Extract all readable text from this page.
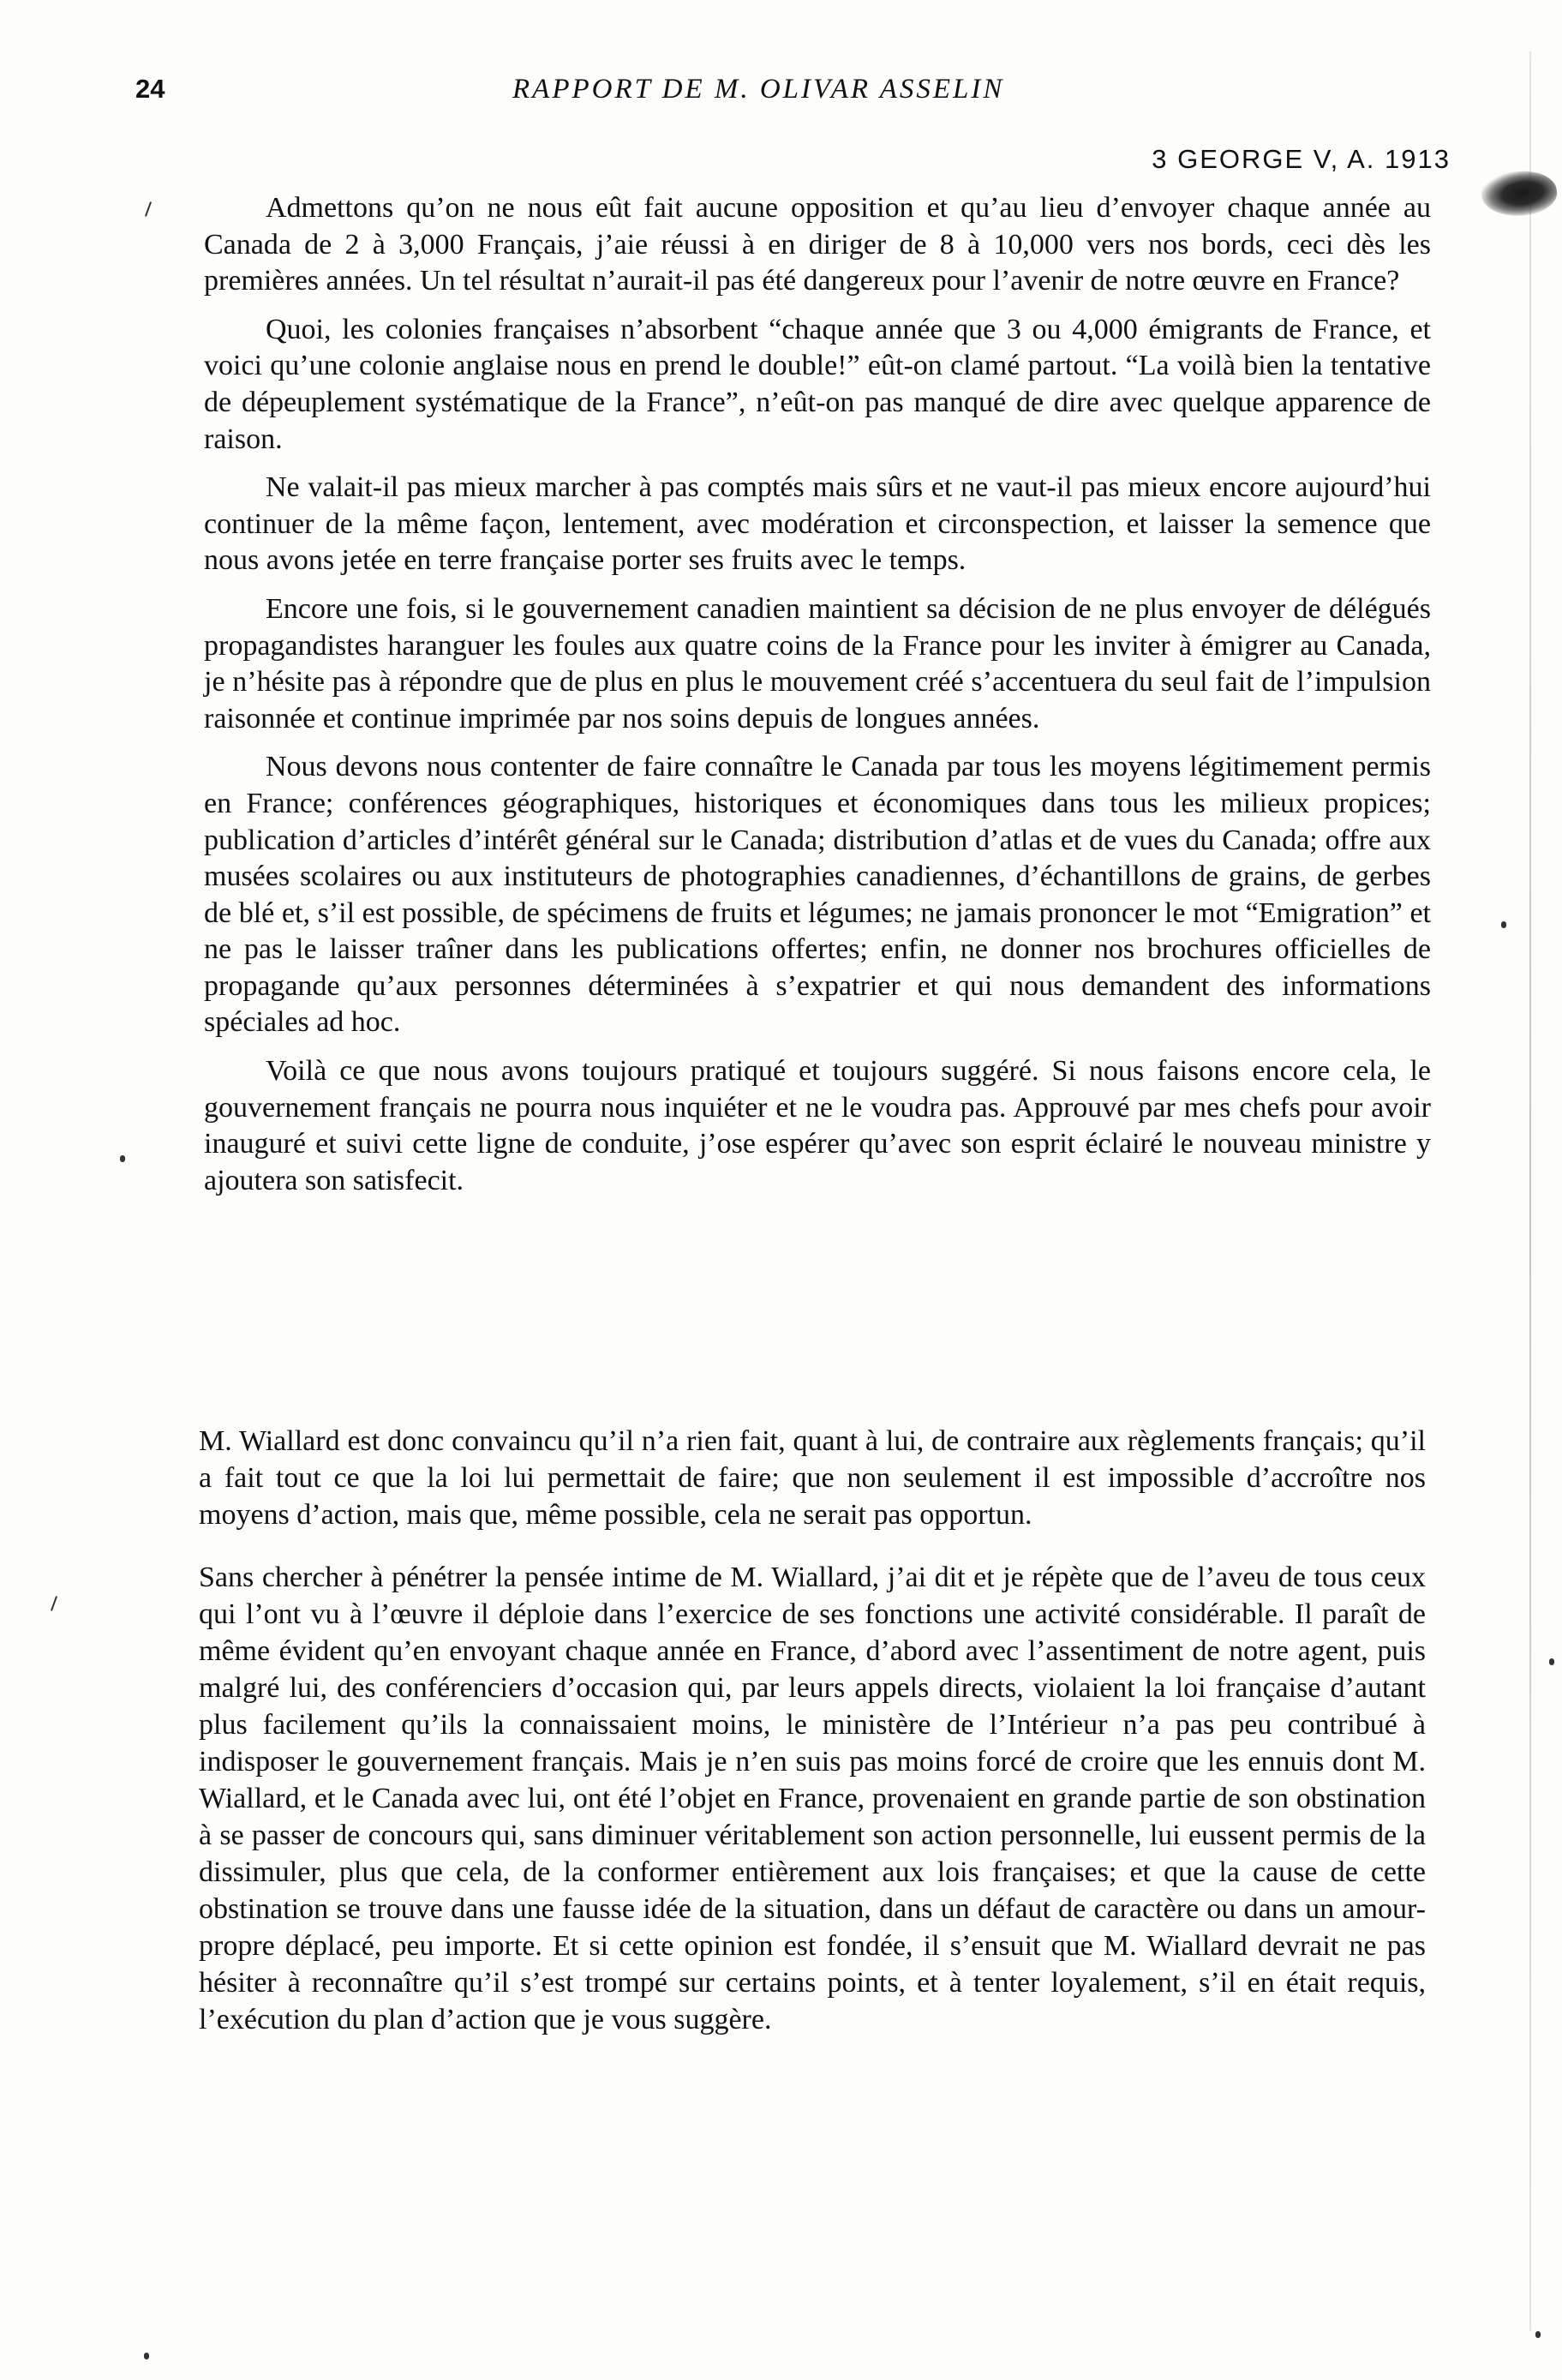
24	RAPPORT DE M. OLIVAR ASSELIN
3 GEORGE V, A. 1913

Admettons qu’on ne nous eût fait aucune opposition et qu’au lieu d’envoyer chaque année au Canada de 2 à 3,000 Français, j’aie réussi à en diriger de 8 à 10,000 vers nos bords, ceci dès les premières années. Un tel résultat n’aurait-il pas été dangereux pour l’avenir de notre œuvre en France?

Quoi, les colonies françaises n’absorbent “chaque année que 3 ou 4,000 émigrants de France, et voici qu’une colonie anglaise nous en prend le double!” eût-on clamé partout. “La voilà bien la tentative de dépeuplement systématique de la France”, n’eût-on pas manqué de dire avec quelque apparence de raison.

Ne valait-il pas mieux marcher à pas comptés mais sûrs et ne vaut-il pas mieux encore aujourd’hui continuer de la même façon, lentement, avec modération et circonspection, et laisser la semence que nous avons jetée en terre française porter ses fruits avec le temps.

Encore une fois, si le gouvernement canadien maintient sa décision de ne plus envoyer de délégués propagandistes haranguer les foules aux quatre coins de la France pour les inviter à émigrer au Canada, je n’hésite pas à répondre que de plus en plus le mouvement créé s’accentuera du seul fait de l’impulsion raisonnée et continue imprimée par nos soins depuis de longues années.

Nous devons nous contenter de faire connaître le Canada par tous les moyens légitimement permis en France; conférences géographiques, historiques et économiques dans tous les milieux propices; publication d’articles d’intérêt général sur le Canada; distribution d’atlas et de vues du Canada; offre aux musées scolaires ou aux instituteurs de photographies canadiennes, d’échantillons de grains, de gerbes de blé et, s’il est possible, de spécimens de fruits et légumes; ne jamais prononcer le mot “Emigration” et ne pas le laisser traîner dans les publications offertes; enfin, ne donner nos brochures officielles de propagande qu’aux personnes déterminées à s’expatrier et qui nous demandent des informations spéciales ad hoc.

Voilà ce que nous avons toujours pratiqué et toujours suggéré. Si nous faisons encore cela, le gouvernement français ne pourra nous inquiéter et ne le voudra pas. Approuvé par mes chefs pour avoir inauguré et suivi cette ligne de conduite, j’ose espérer qu’avec son esprit éclairé le nouveau ministre y ajoutera son satisfecit.

M. Wiallard est donc convaincu qu’il n’a rien fait, quant à lui, de contraire aux règlements français; qu’il a fait tout ce que la loi lui permettait de faire; que non seulement il est impossible d’accroître nos moyens d’action, mais que, même possible, cela ne serait pas opportun.

Sans chercher à pénétrer la pensée intime de M. Wiallard, j’ai dit et je répète que de l’aveu de tous ceux qui l’ont vu à l’œuvre il déploie dans l’exercice de ses fonctions une activité considérable. Il paraît de même évident qu’en envoyant chaque année en France, d’abord avec l’assentiment de notre agent, puis malgré lui, des conférenciers d’occasion qui, par leurs appels directs, violaient la loi française d’autant plus facilement qu’ils la connaissaient moins, le ministère de l’Intérieur n’a pas peu contribué à indisposer le gouvernement français. Mais je n’en suis pas moins forcé de croire que les ennuis dont M. Wiallard, et le Canada avec lui, ont été l’objet en France, provenaient en grande partie de son obstination à se passer de concours qui, sans diminuer véritablement son action personnelle, lui eussent permis de la dissimuler, plus que cela, de la conformer entièrement aux lois françaises; et que la cause de cette obstination se trouve dans une fausse idée de la situation, dans un défaut de caractère ou dans un amour-propre déplacé, peu importe. Et si cette opinion est fondée, il s’ensuit que M. Wiallard devrait ne pas hésiter à reconnaître qu’il s’est trompé sur certains points, et à tenter loyalement, s’il en était requis, l’exécution du plan d’action que je vous suggère.
